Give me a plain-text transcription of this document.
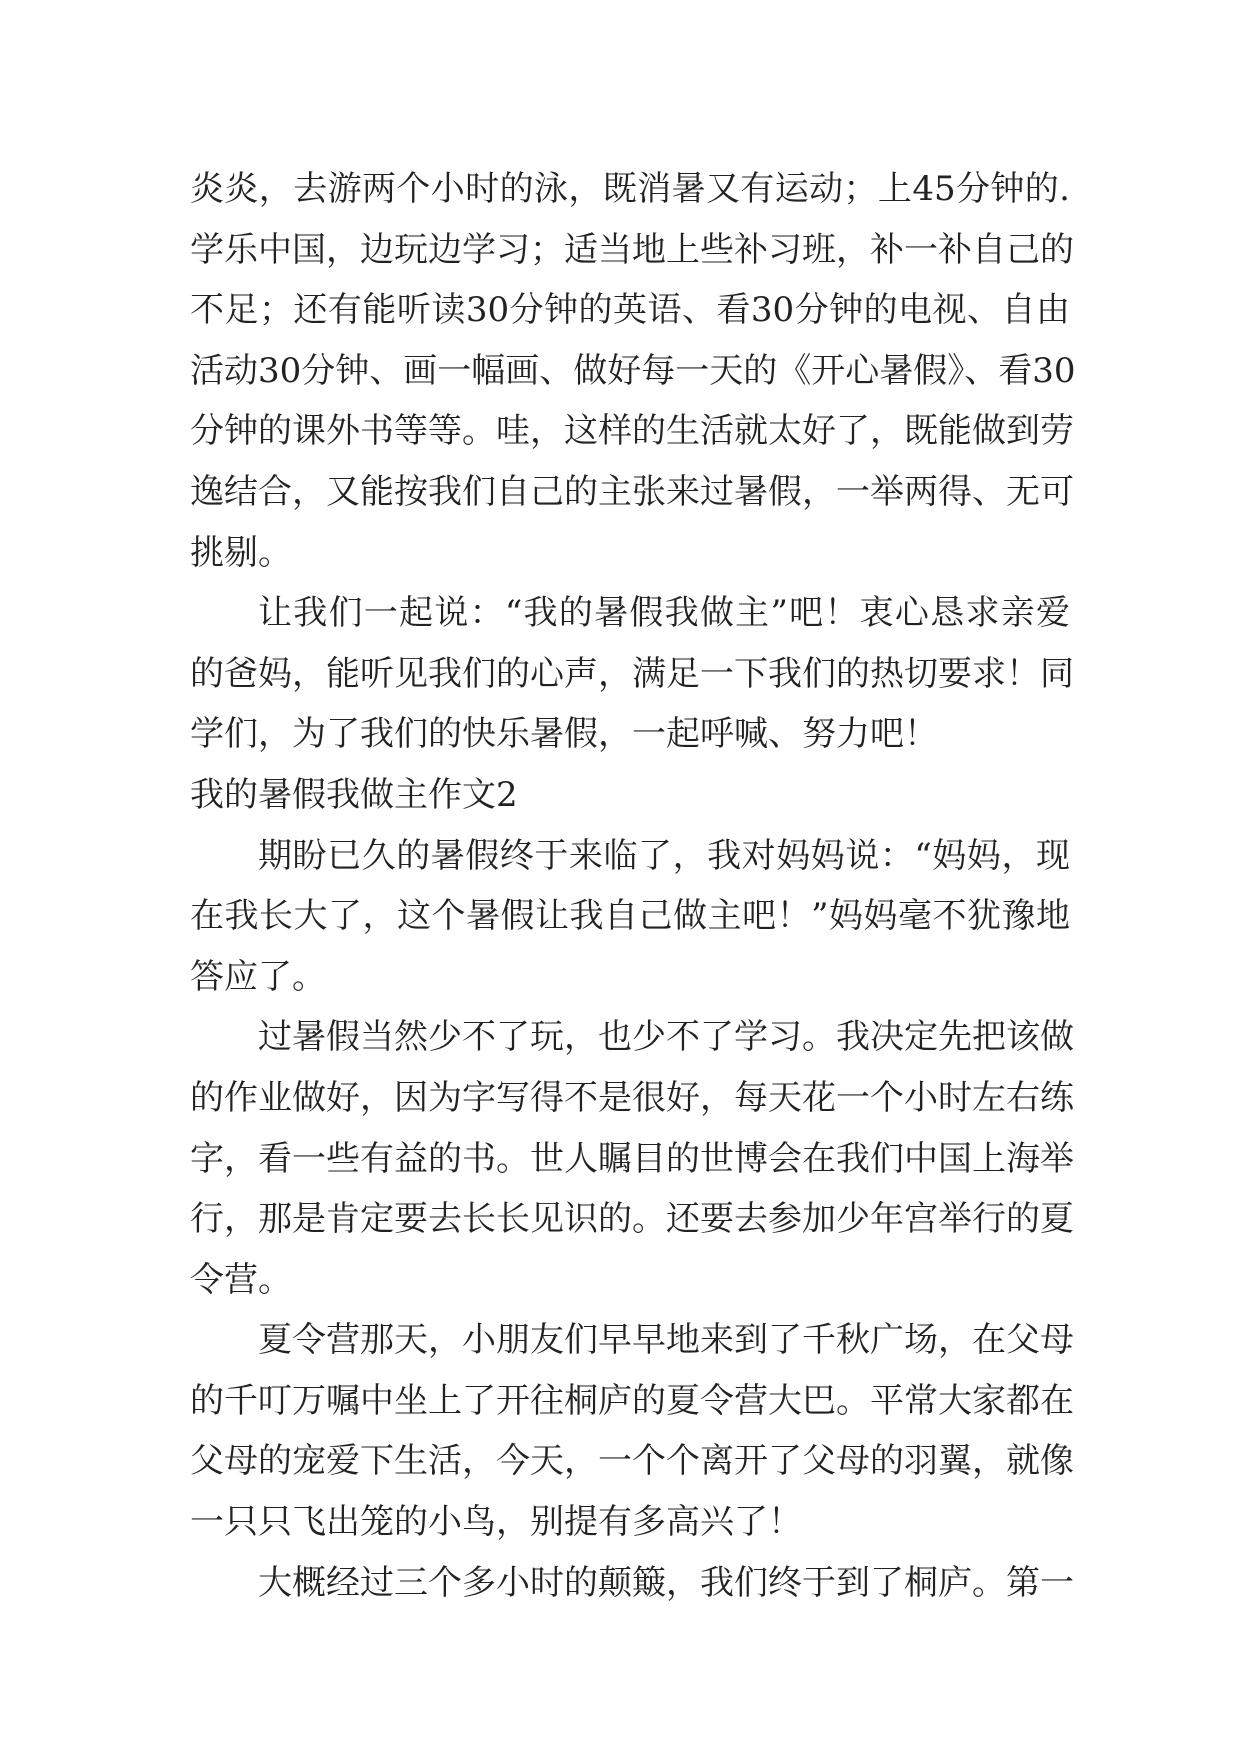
炎炎，去游两个小时的泳，既消暑又有运动；上45分钟的.
学乐中国，边玩边学习；适当地上些补习班，补一补自己的
不足；还有能听读30分钟的英语、看30分钟的电视、自由
活动30分钟、画一幅画、做好每一天的《开心暑假》、看30
分钟的课外书等等。哇，这样的生活就太好了，既能做到劳
逸结合，又能按我们自己的主张来过暑假，一举两得、无可
挑剔。
让我们一起说：“我的暑假我做主”吧！衷心恳求亲爱
的爸妈，能听见我们的心声，满足一下我们的热切要求！同
学们，为了我们的快乐暑假，一起呼喊、努力吧！
我的暑假我做主作文2
期盼已久的暑假终于来临了，我对妈妈说：“妈妈，现
在我长大了，这个暑假让我自己做主吧！”妈妈毫不犹豫地
答应了。
过暑假当然少不了玩，也少不了学习。我决定先把该做
的作业做好，因为字写得不是很好，每天花一个小时左右练
字，看一些有益的书。世人瞩目的世博会在我们中国上海举
行，那是肯定要去长长见识的。还要去参加少年宫举行的夏
令营。
夏令营那天，小朋友们早早地来到了千秋广场，在父母
的千叮万嘱中坐上了开往桐庐的夏令营大巴。平常大家都在
父母的宠爱下生活，今天，一个个离开了父母的羽翼，就像
一只只飞出笼的小鸟，别提有多高兴了！
大概经过三个多小时的颠簸，我们终于到了桐庐。第一
